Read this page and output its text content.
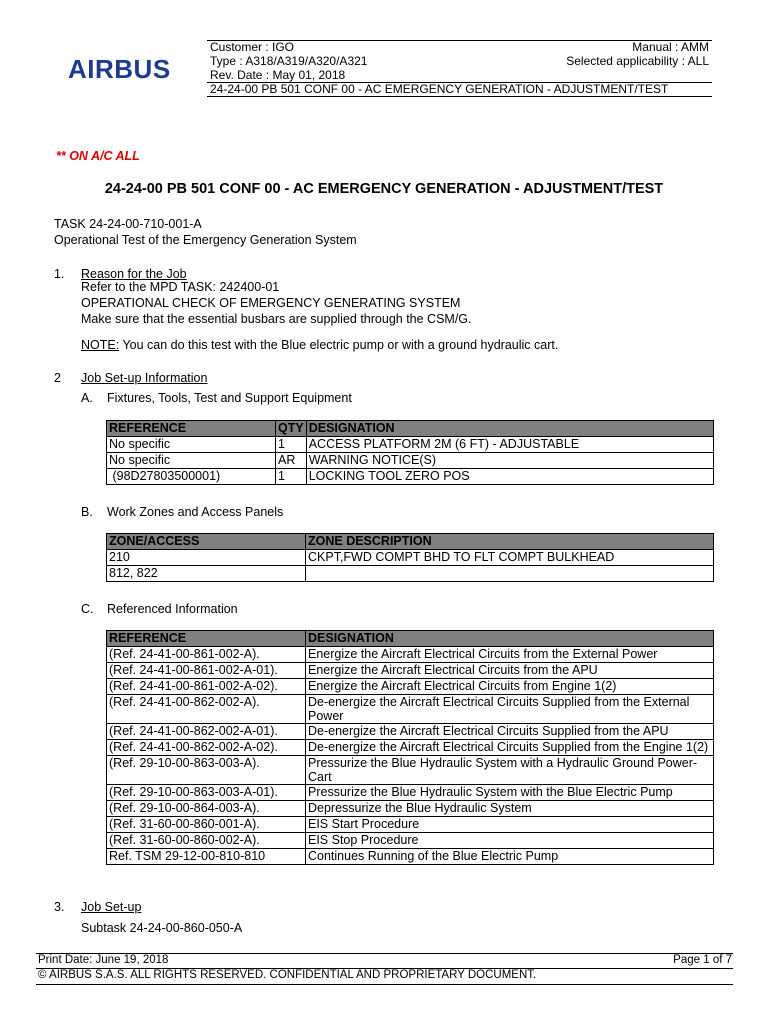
AIRBUS
Customer : IGO	Manual : AMM
Type : A318/A319/A320/A321	Selected applicability : ALL
Rev. Date : May 01, 2018
24-24-00 PB 501 CONF 00 - AC EMERGENCY GENERATION - ADJUSTMENT/TEST
** ON A/C ALL
24-24-00 PB 501 CONF 00 - AC EMERGENCY GENERATION - ADJUSTMENT/TEST
TASK 24-24-00-710-001-A
Operational Test of the Emergency Generation System
1. Reason for the Job
Refer to the MPD TASK: 242400-01
OPERATIONAL CHECK OF EMERGENCY GENERATING SYSTEM
Make sure that the essential busbars are supplied through the CSM/G.
NOTE: You can do this test with the Blue electric pump or with a ground hydraulic cart.
2 Job Set-up Information
A. Fixtures, Tools, Test and Support Equipment
REFERENCE	QTY	DESIGNATION
No specific	1	ACCESS PLATFORM 2M (6 FT) - ADJUSTABLE
No specific	AR	WARNING NOTICE(S)
(98D27803500001)	1	LOCKING TOOL ZERO POS
B. Work Zones and Access Panels
ZONE/ACCESS	ZONE DESCRIPTION
210	CKPT,FWD COMPT BHD TO FLT COMPT BULKHEAD
812, 822	
C. Referenced Information
REFERENCE	DESIGNATION
(Ref. 24-41-00-861-002-A).	Energize the Aircraft Electrical Circuits from the External Power
(Ref. 24-41-00-861-002-A-01).	Energize the Aircraft Electrical Circuits from the APU
(Ref. 24-41-00-861-002-A-02).	Energize the Aircraft Electrical Circuits from Engine 1(2)
(Ref. 24-41-00-862-002-A).	De-energize the Aircraft Electrical Circuits Supplied from the External Power
(Ref. 24-41-00-862-002-A-01).	De-energize the Aircraft Electrical Circuits Supplied from the APU
(Ref. 24-41-00-862-002-A-02).	De-energize the Aircraft Electrical Circuits Supplied from the Engine 1(2)
(Ref. 29-10-00-863-003-A).	Pressurize the Blue Hydraulic System with a Hydraulic Ground Power-Cart
(Ref. 29-10-00-863-003-A-01).	Pressurize the Blue Hydraulic System with the Blue Electric Pump
(Ref. 29-10-00-864-003-A).	Depressurize the Blue Hydraulic System
(Ref. 31-60-00-860-001-A).	EIS Start Procedure
(Ref. 31-60-00-860-002-A).	EIS Stop Procedure
Ref. TSM 29-12-00-810-810	Continues Running of the Blue Electric Pump
3. Job Set-up
Subtask 24-24-00-860-050-A
Print Date: June 19, 2018	Page 1 of 7
© AIRBUS S.A.S. ALL RIGHTS RESERVED. CONFIDENTIAL AND PROPRIETARY DOCUMENT.
